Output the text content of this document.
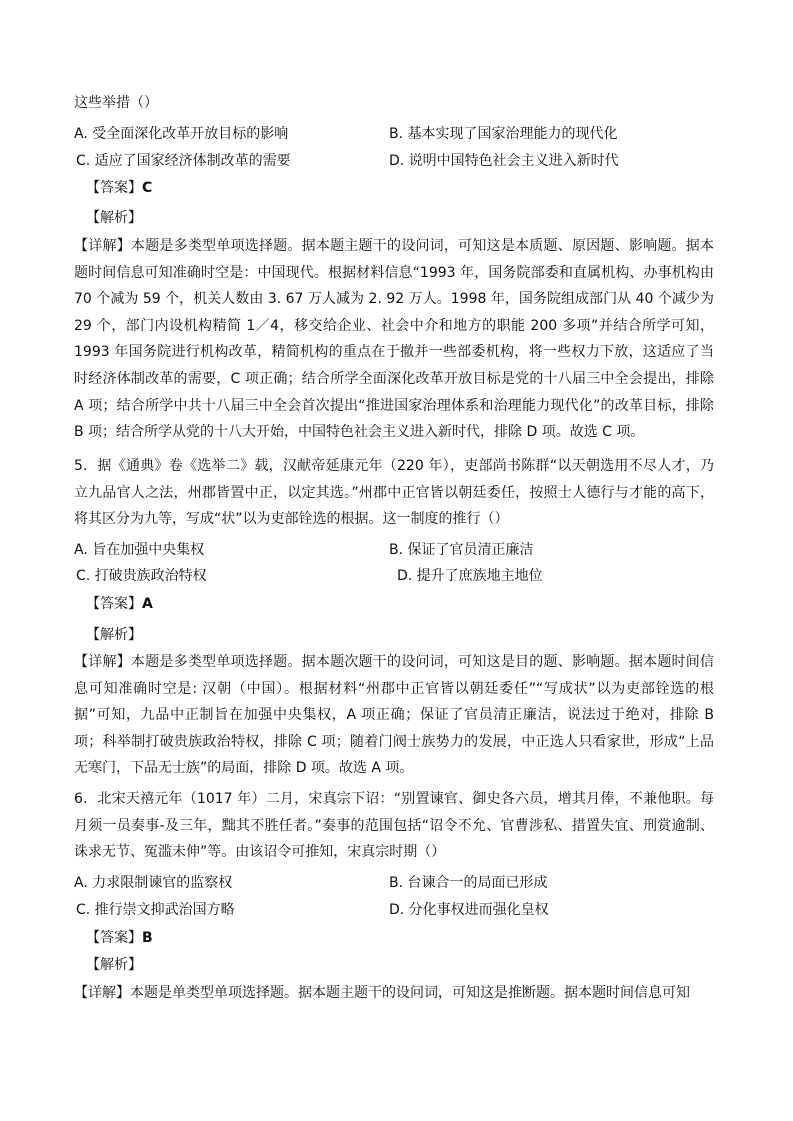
这些举措（）
A. 受全面深化改革开放目标的影响	B. 基本实现了国家治理能力的现代化
C. 适应了国家经济体制改革的需要	D. 说明中国特色社会主义进入新时代
【答案】C
【解析】
【详解】本题是多类型单项选择题。据本题主题干的设问词，可知这是本质题、原因题、影响题。据本题时间信息可知准确时空是：中国现代。根据材料信息“1993 年，国务院部委和直属机构、办事机构由 70 个减为 59 个，机关人数由 3. 67 万人减为 2. 92 万人。1998 年，国务院组成部门从 40 个减少为 29 个，部门内设机构精简 1／4，移交给企业、社会中介和地方的职能 200 多项”并结合所学可知，1993 年国务院进行机构改革，精简机构的重点在于撤并一些部委机构，将一些权力下放，这适应了当时经济体制改革的需要，C 项正确；结合所学全面深化改革开放目标是党的十八届三中全会提出，排除 A 项；结合所学中共十八届三中全会首次提出“推进国家治理体系和治理能力现代化”的改革目标，排除 B 项；结合所学从党的十八大开始，中国特色社会主义进入新时代，排除 D 项。故选 C 项。
5．据《通典》卷《选举二》载，汉献帝延康元年（220 年），吏部尚书陈群“以天朝选用不尽人才，乃立九品官人之法，州郡皆置中正，以定其选。”州郡中正官皆以朝廷委任，按照士人德行与才能的高下，将其区分为九等，写成“状”以为吏部铨选的根据。这一制度的推行（）
A. 旨在加强中央集权	B. 保证了官员清正廉洁
C. 打破贵族政治特权	D. 提升了庶族地主地位
【答案】A
【解析】
【详解】本题是多类型单项选择题。据本题次题干的设问词，可知这是目的题、影响题。据本题时间信息可知准确时空是: 汉朝（中国）。根据材料“州郡中正官皆以朝廷委任”“写成状”以为吏部铨选的根据”可知，九品中正制旨在加强中央集权，A 项正确；保证了官员清正廉洁，说法过于绝对，排除 B 项；科举制打破贵族政治特权，排除 C 项；随着门阀士族势力的发展，中正选人只看家世，形成“上品无寒门，下品无士族”的局面，排除 D 项。故选 A 项。
6．北宋天禧元年（1017 年）二月，宋真宗下诏：“别置谏官、御史各六员，增其月俸，不兼他职。每月须一员奏事-及三年，黜其不胜任者。”奏事的范围包括“诏令不允、官曹涉私、措置失宜、刑赏逾制、诛求无节、冤滥未伸”等。由该诏令可推知，宋真宗时期（）
A. 力求限制谏官的监察权	B. 台谏合一的局面已形成
C. 推行崇文抑武治国方略	D. 分化事权进而强化皇权
【答案】B
【解析】
【详解】本题是单类型单项选择题。据本题主题干的设问词，可知这是推断题。据本题时间信息可知
